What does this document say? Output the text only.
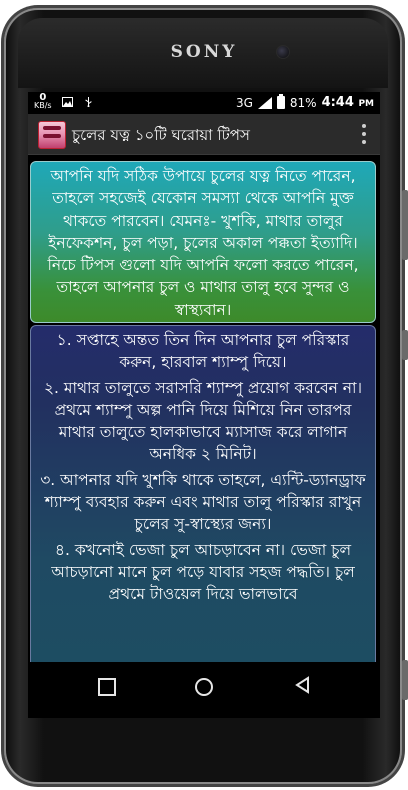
SONY
0
KB/s	3G	81% 4:44 PM
চুলের যত্ন ১০টি ঘরোয়া টিপস

আপনি যদি সঠিক উপায়ে চুলের যত্ন নিতে পারেন, তাহলে সহজেই যেকোন সমস্যা থেকে আপনি মুক্ত থাকতে পারবেন। যেমনঃ- খুশকি, মাথার তালুর ইনফেকশন, চুল পড়া, চুলের অকাল পক্কতা ইত্যাদি। নিচে টিপস গুলো যদি আপনি ফলো করতে পারেন, তাহলে আপনার চুল ও মাথার তালু হবে সুন্দর ও স্বাস্থ্যবান।

১. সপ্তাহে অন্তত তিন দিন আপনার চুল পরিস্কার করুন, হারবাল শ্যাম্পু দিয়ে।

২. মাথার তালুতে সরাসরি শ্যাম্পু প্রয়োগ করবেন না। প্রথমে শ্যাম্পু অল্প পানি দিয়ে মিশিয়ে নিন তারপর মাথার তালুতে হালকাভাবে ম্যাসাজ করে লাগান অনধিক ২ মিনিট।

৩. আপনার যদি খুশকি থাকে তাহলে, এ্যন্টি-ড্যানড্রাফ শ্যাম্পু ব্যবহার করুন এবং মাথার তালু পরিস্কার রাখুন চুলের সু-স্বাস্থ্যের জন্য।

৪. কখনোই ভেজা চুল আচড়াবেন না। ভেজা চুল আচড়ানো মানে চুল পড়ে যাবার সহজ পদ্ধতি। চুল প্রথমে টাওয়েল দিয়ে ভালভাবে
